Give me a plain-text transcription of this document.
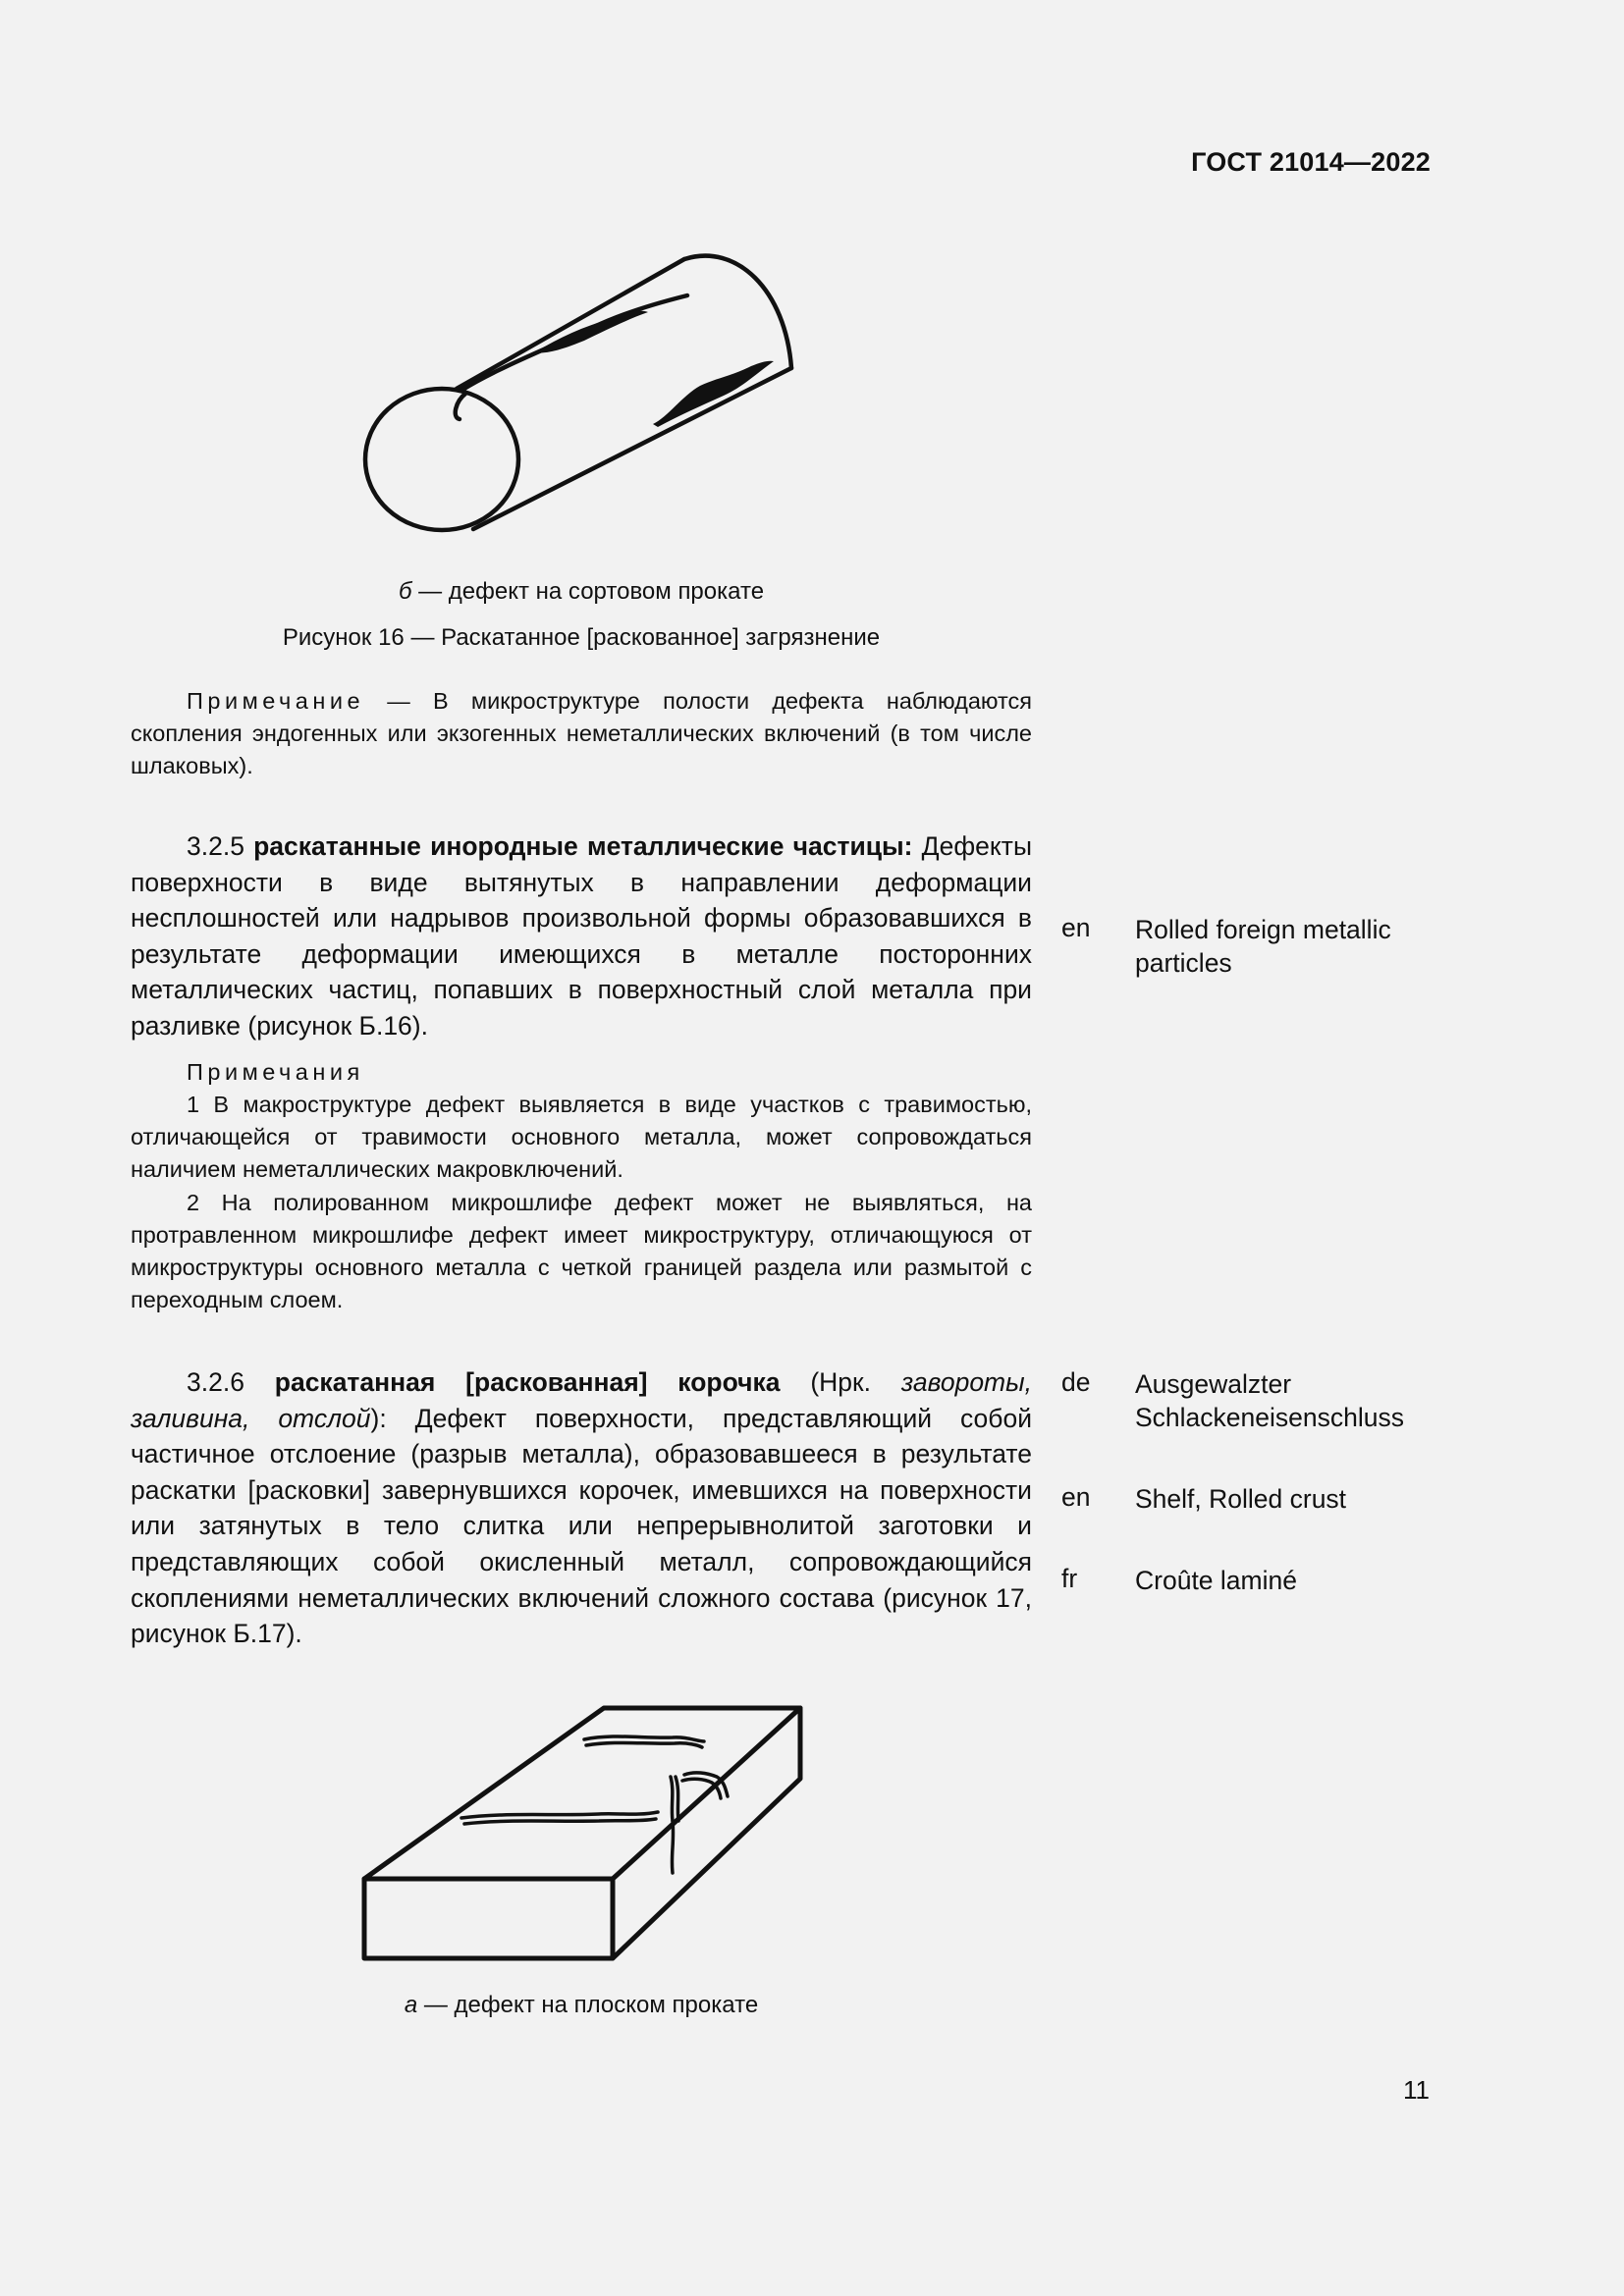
ГОСТ 21014—2022
б — дефект на сортовом прокате
Рисунок 16 — Раскатанное [раскованное] загрязнение
Примечание — В микроструктуре полости дефекта наблюдаются скопления эндогенных или экзогенных неметаллических включений (в том числе шлаковых).
3.2.5 раскатанные инородные металлические частицы: Дефекты поверхности в виде вытянутых в направлении деформации несплошностей или надрывов произвольной формы образовавшихся в результате деформации имеющихся в металле посторонних металлических частиц, попавших в поверхностный слой металла при разливке (рисунок Б.16).
en Rolled foreign metallic particles
Примечания
1 В макроструктуре дефект выявляется в виде участков с травимостью, отличающейся от травимости основного металла, может сопровождаться наличием неметаллических макровключений.
2 На полированном микрошлифе дефект может не выявляться, на протравленном микрошлифе дефект имеет микроструктуру, отличающуюся от микроструктуры основного металла с четкой границей раздела или размытой с переходным слоем.
3.2.6 раскатанная [раскованная] корочка (Нрк. завороты, заливина, отслой): Дефект поверхности, представляющий собой частичное отслоение (разрыв металла), образовавшееся в результате раскатки [расковки] завернувшихся корочек, имевшихся на поверхности или затянутых в тело слитка или непрерывнолитой заготовки и представляющих собой окисленный металл, сопровождающийся скоплениями неметаллических включений сложного состава (рисунок 17, рисунок Б.17).
de Ausgewalzter Schlackeneisenschluss
en Shelf, Rolled crust
fr Croûte laminé
а — дефект на плоском прокате
11
